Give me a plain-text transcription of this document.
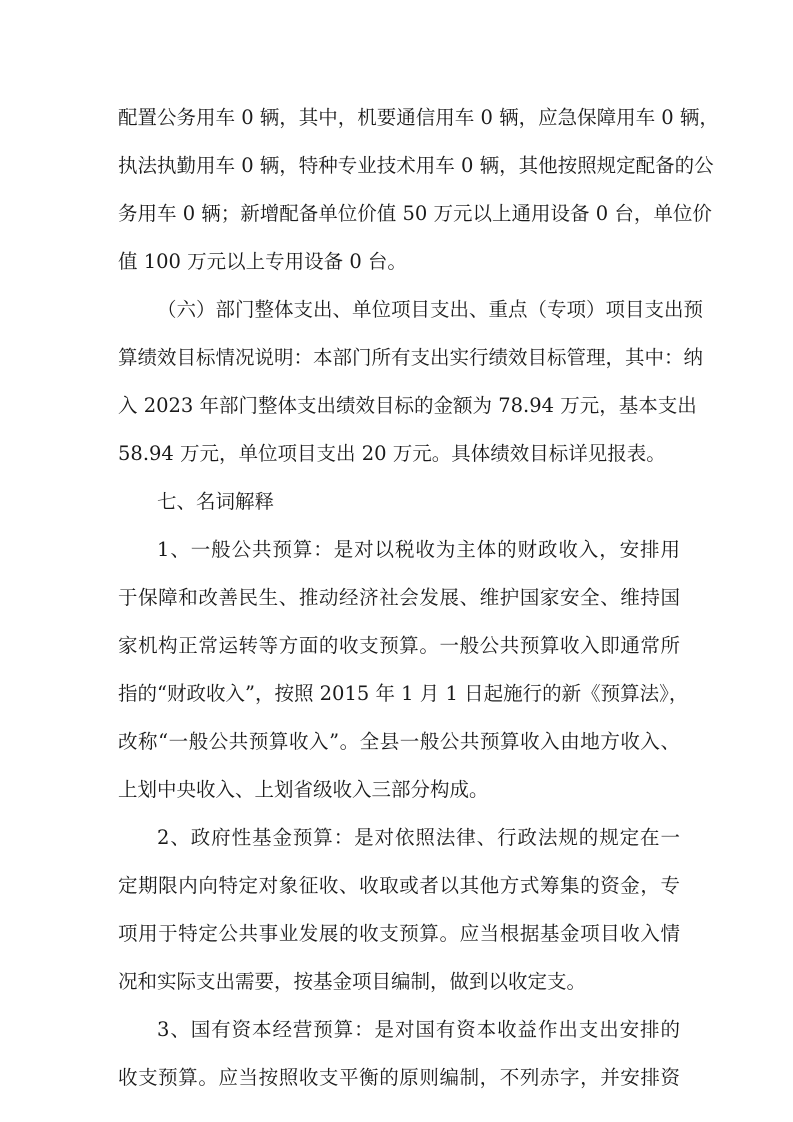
配置公务用车 0 辆，其中，机要通信用车 0 辆，应急保障用车 0 辆，
执法执勤用车 0 辆，特种专业技术用车 0 辆，其他按照规定配备的公
务用车 0 辆；新增配备单位价值 50 万元以上通用设备 0 台，单位价
值 100 万元以上专用设备 0 台。
（六）部门整体支出、单位项目支出、重点（专项）项目支出预
算绩效目标情况说明：本部门所有支出实行绩效目标管理，其中：纳
入 2023 年部门整体支出绩效目标的金额为 78.94 万元，基本支出
58.94 万元，单位项目支出 20 万元。具体绩效目标详见报表。
七、名词解释
1、一般公共预算：是对以税收为主体的财政收入，安排用
于保障和改善民生、推动经济社会发展、维护国家安全、维持国
家机构正常运转等方面的收支预算。一般公共预算收入即通常所
指的“财政收入”，按照 2015 年 1 月 1 日起施行的新《预算法》，
改称“一般公共预算收入”。全县一般公共预算收入由地方收入、
上划中央收入、上划省级收入三部分构成。
2、政府性基金预算：是对依照法律、行政法规的规定在一
定期限内向特定对象征收、收取或者以其他方式筹集的资金，专
项用于特定公共事业发展的收支预算。应当根据基金项目收入情
况和实际支出需要，按基金项目编制，做到以收定支。
3、国有资本经营预算：是对国有资本收益作出支出安排的
收支预算。应当按照收支平衡的原则编制，不列赤字，并安排资
